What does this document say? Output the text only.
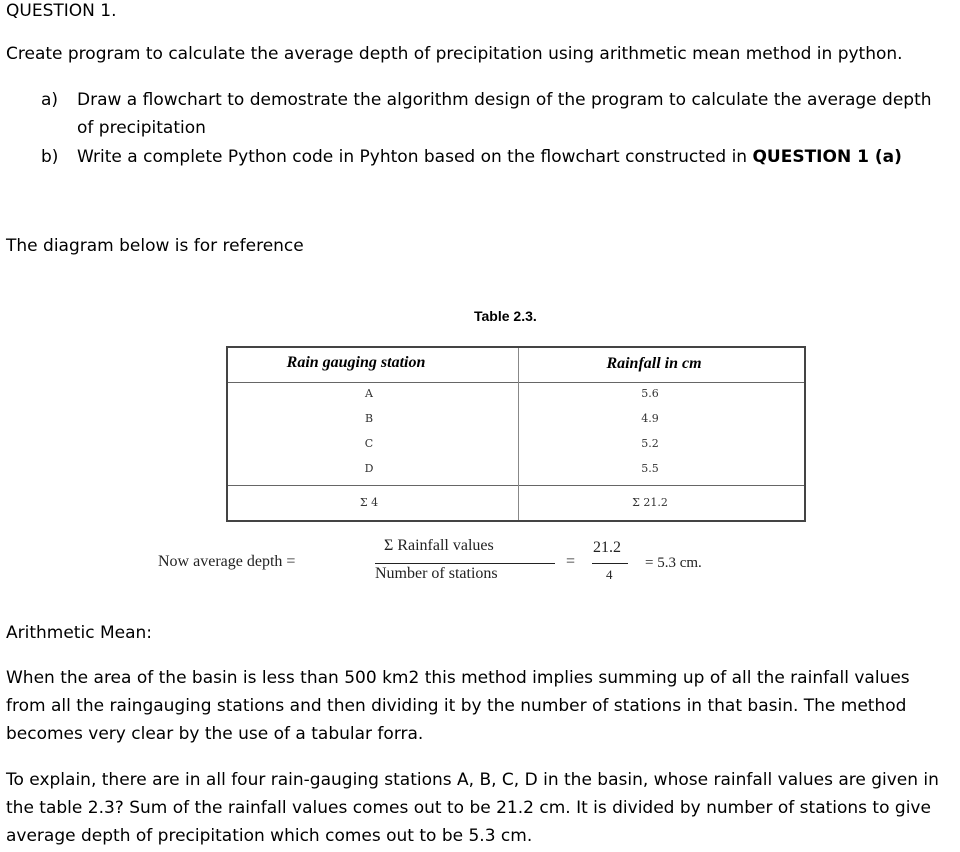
QUESTION 1.
Create program to calculate the average depth of precipitation using arithmetic mean method in python.
a) Draw a flowchart to demostrate the algorithm design of the program to calculate the average depth
of precipitation
b) Write a complete Python code in Pyhton based on the flowchart constructed in QUESTION 1 (a)
The diagram below is for reference
Table 2.3.
Rain gauging station	Rainfall in cm
A	5.6
B	4.9
C	5.2
D	5.5
Σ 4	Σ 21.2
Now average depth =
Σ Rainfall values
Number of stations
=
21.2
4
= 5.3 cm.
Arithmetic Mean:
When the area of the basin is less than 500 km2 this method implies summing up of all the rainfall values
from all the raingauging stations and then dividing it by the number of stations in that basin. The method
becomes very clear by the use of a tabular forra.
To explain, there are in all four rain-gauging stations A, B, C, D in the basin, whose rainfall values are given in
the table 2.3? Sum of the rainfall values comes out to be 21.2 cm. It is divided by number of stations to give
average depth of precipitation which comes out to be 5.3 cm.
